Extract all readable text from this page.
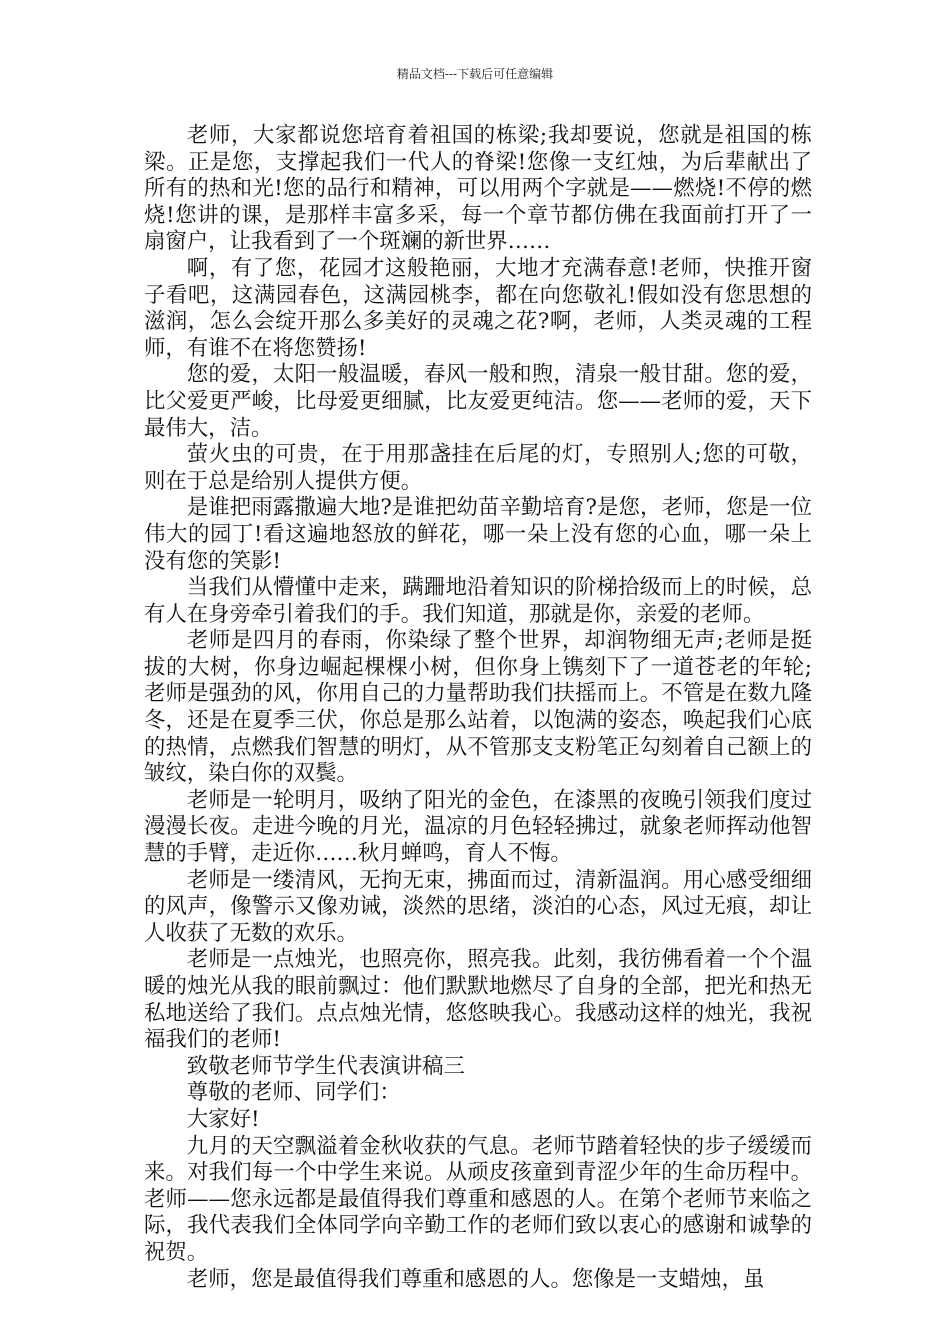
精品文档---下载后可任意编辑

老师，大家都说您培育着祖国的栋梁;我却要说，您就是祖国的栋梁。正是您，支撑起我们一代人的脊梁!您像一支红烛，为后辈献出了所有的热和光!您的品行和精神，可以用两个字就是——燃烧!不停的燃烧!您讲的课，是那样丰富多采，每一个章节都仿佛在我面前打开了一扇窗户，让我看到了一个斑斓的新世界……

啊，有了您，花园才这般艳丽，大地才充满春意!老师，快推开窗子看吧，这满园春色，这满园桃李，都在向您敬礼!假如没有您思想的滋润，怎么会绽开那么多美好的灵魂之花?啊，老师，人类灵魂的工程师，有谁不在将您赞扬!

您的爱，太阳一般温暖，春风一般和煦，清泉一般甘甜。您的爱，比父爱更严峻，比母爱更细腻，比友爱更纯洁。您——老师的爱，天下最伟大，洁。

萤火虫的可贵，在于用那盏挂在后尾的灯，专照别人;您的可敬，则在于总是给别人提供方便。

是谁把雨露撒遍大地?是谁把幼苗辛勤培育?是您，老师，您是一位伟大的园丁!看这遍地怒放的鲜花，哪一朵上没有您的心血，哪一朵上没有您的笑影!

当我们从懵懂中走来，蹒跚地沿着知识的阶梯拾级而上的时候，总有人在身旁牵引着我们的手。我们知道，那就是你，亲爱的老师。

老师是四月的春雨，你染绿了整个世界，却润物细无声;老师是挺拔的大树，你身边崛起棵棵小树，但你身上镌刻下了一道苍老的年轮;老师是强劲的风，你用自己的力量帮助我们扶摇而上。不管是在数九隆冬，还是在夏季三伏，你总是那么站着，以饱满的姿态，唤起我们心底的热情，点燃我们智慧的明灯，从不管那支支粉笔正勾刻着自己额上的皱纹，染白你的双鬓。

老师是一轮明月，吸纳了阳光的金色，在漆黑的夜晚引领我们度过漫漫长夜。走进今晚的月光，温凉的月色轻轻拂过，就象老师挥动他智慧的手臂，走近你……秋月蝉鸣，育人不悔。

老师是一缕清风，无拘无束，拂面而过，清新温润。用心感受细细的风声，像警示又像劝诫，淡然的思绪，淡泊的心态，风过无痕，却让人收获了无数的欢乐。

老师是一点烛光，也照亮你，照亮我。此刻，我彷佛看着一个个温暖的烛光从我的眼前飘过：他们默默地燃尽了自身的全部，把光和热无私地送给了我们。点点烛光情，悠悠映我心。我感动这样的烛光，我祝福我们的老师!

致敬老师节学生代表演讲稿三

尊敬的老师、同学们：

大家好!

九月的天空飘溢着金秋收获的气息。老师节踏着轻快的步子缓缓而来。对我们每一个中学生来说。从顽皮孩童到青涩少年的生命历程中。老师——您永远都是最值得我们尊重和感恩的人。在第个老师节来临之际，我代表我们全体同学向辛勤工作的老师们致以衷心的感谢和诚挚的祝贺。

老师，您是最值得我们尊重和感恩的人。您像是一支蜡烛，虽
